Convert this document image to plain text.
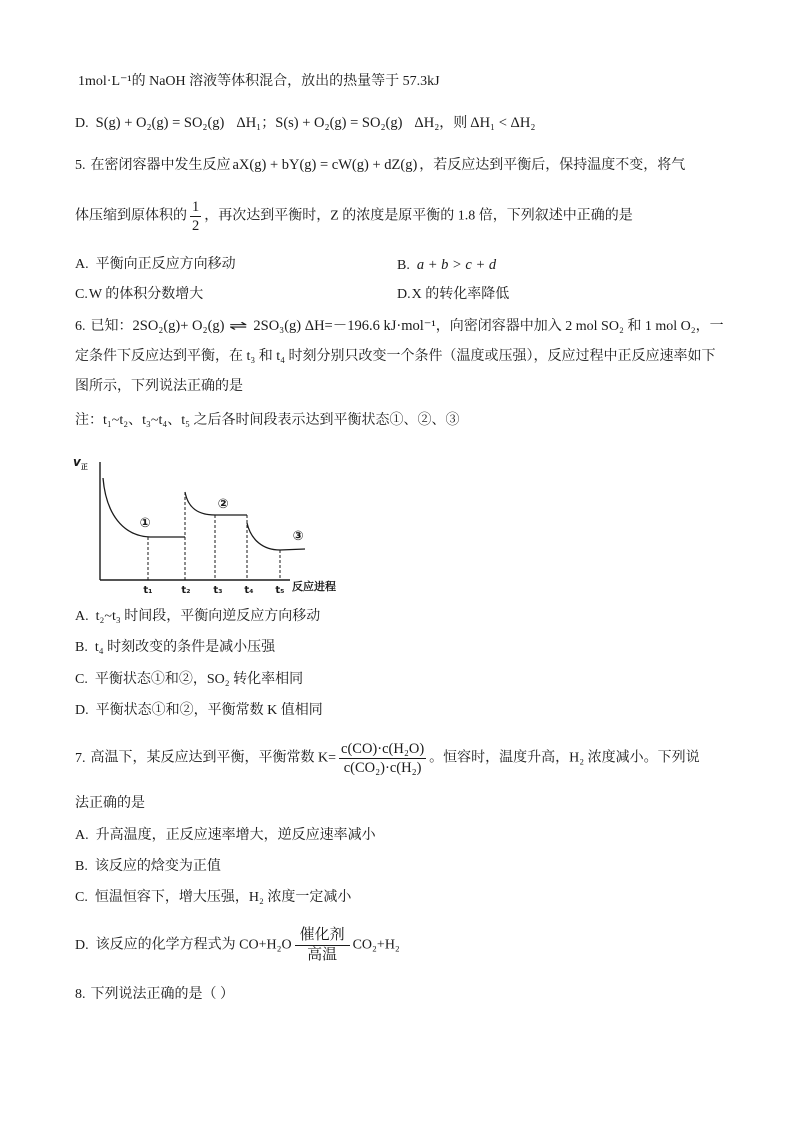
1mol·L⁻¹的 NaOH 溶液等体积混合，放出的热量等于 57.3kJ
D. S(g) + O₂(g) = SO₂(g) ΔH₁；S(s) + O₂(g) = SO₂(g) ΔH₂，则 ΔH₁ < ΔH₂
5. 在密闭容器中发生反应 aX(g) + bY(g) = cW(g) + dZ(g) ，若反应达到平衡后，保持温度不变，将气
体压缩到原体积的 $\frac{1}{2}$ ，再次达到平衡时，Z 的浓度是原平衡的 1.8 倍，下列叙述中正确的是
A. 平衡向正反应方向移动	B. a + b > c + d
C.W 的体积分数增大	D.X 的转化率降低
6. 已知：2SO₂(g)+ O₂(g) ⇌ 2SO₃(g) ΔH=－196.6 kJ·mol⁻¹，向密闭容器中加入 2 mol SO₂ 和 1 mol O₂，一
定条件下反应达到平衡，在 t₃ 和 t₄ 时刻分别只改变一个条件（温度或压强），反应过程中正反应速率如下
图所示，下列说法正确的是
注：t₁~t₂、t₃~t₄、t₅ 之后各时间段表示达到平衡状态①、②、③
$v_正$
①
②
③
t₁	t₂ t₃ t₄ t₅ 反应进程
A. t₂~t₃ 时间段，平衡向逆反应方向移动
B. t₄ 时刻改变的条件是减小压强
C. 平衡状态①和②，SO₂ 转化率相同
D. 平衡状态①和②，平衡常数 K 值相同
7. 高温下，某反应达到平衡，平衡常数 $K= \frac{\text{c(CO)·c(H₂O)}}{\text{c(CO₂)·c(H₂)}}$ 。恒容时，温度升高，H₂ 浓度减小。下列说
法正确的是
A. 升高温度，正反应速率增大，逆反应速率减小
B. 该反应的焓变为正值
C. 恒温恒容下，增大压强，H₂ 浓度一定减小
D. 该反应的化学方程式为 CO+H₂O
催化剂
高温
CO₂+H₂
8. 下列说法正确的是（ ）
